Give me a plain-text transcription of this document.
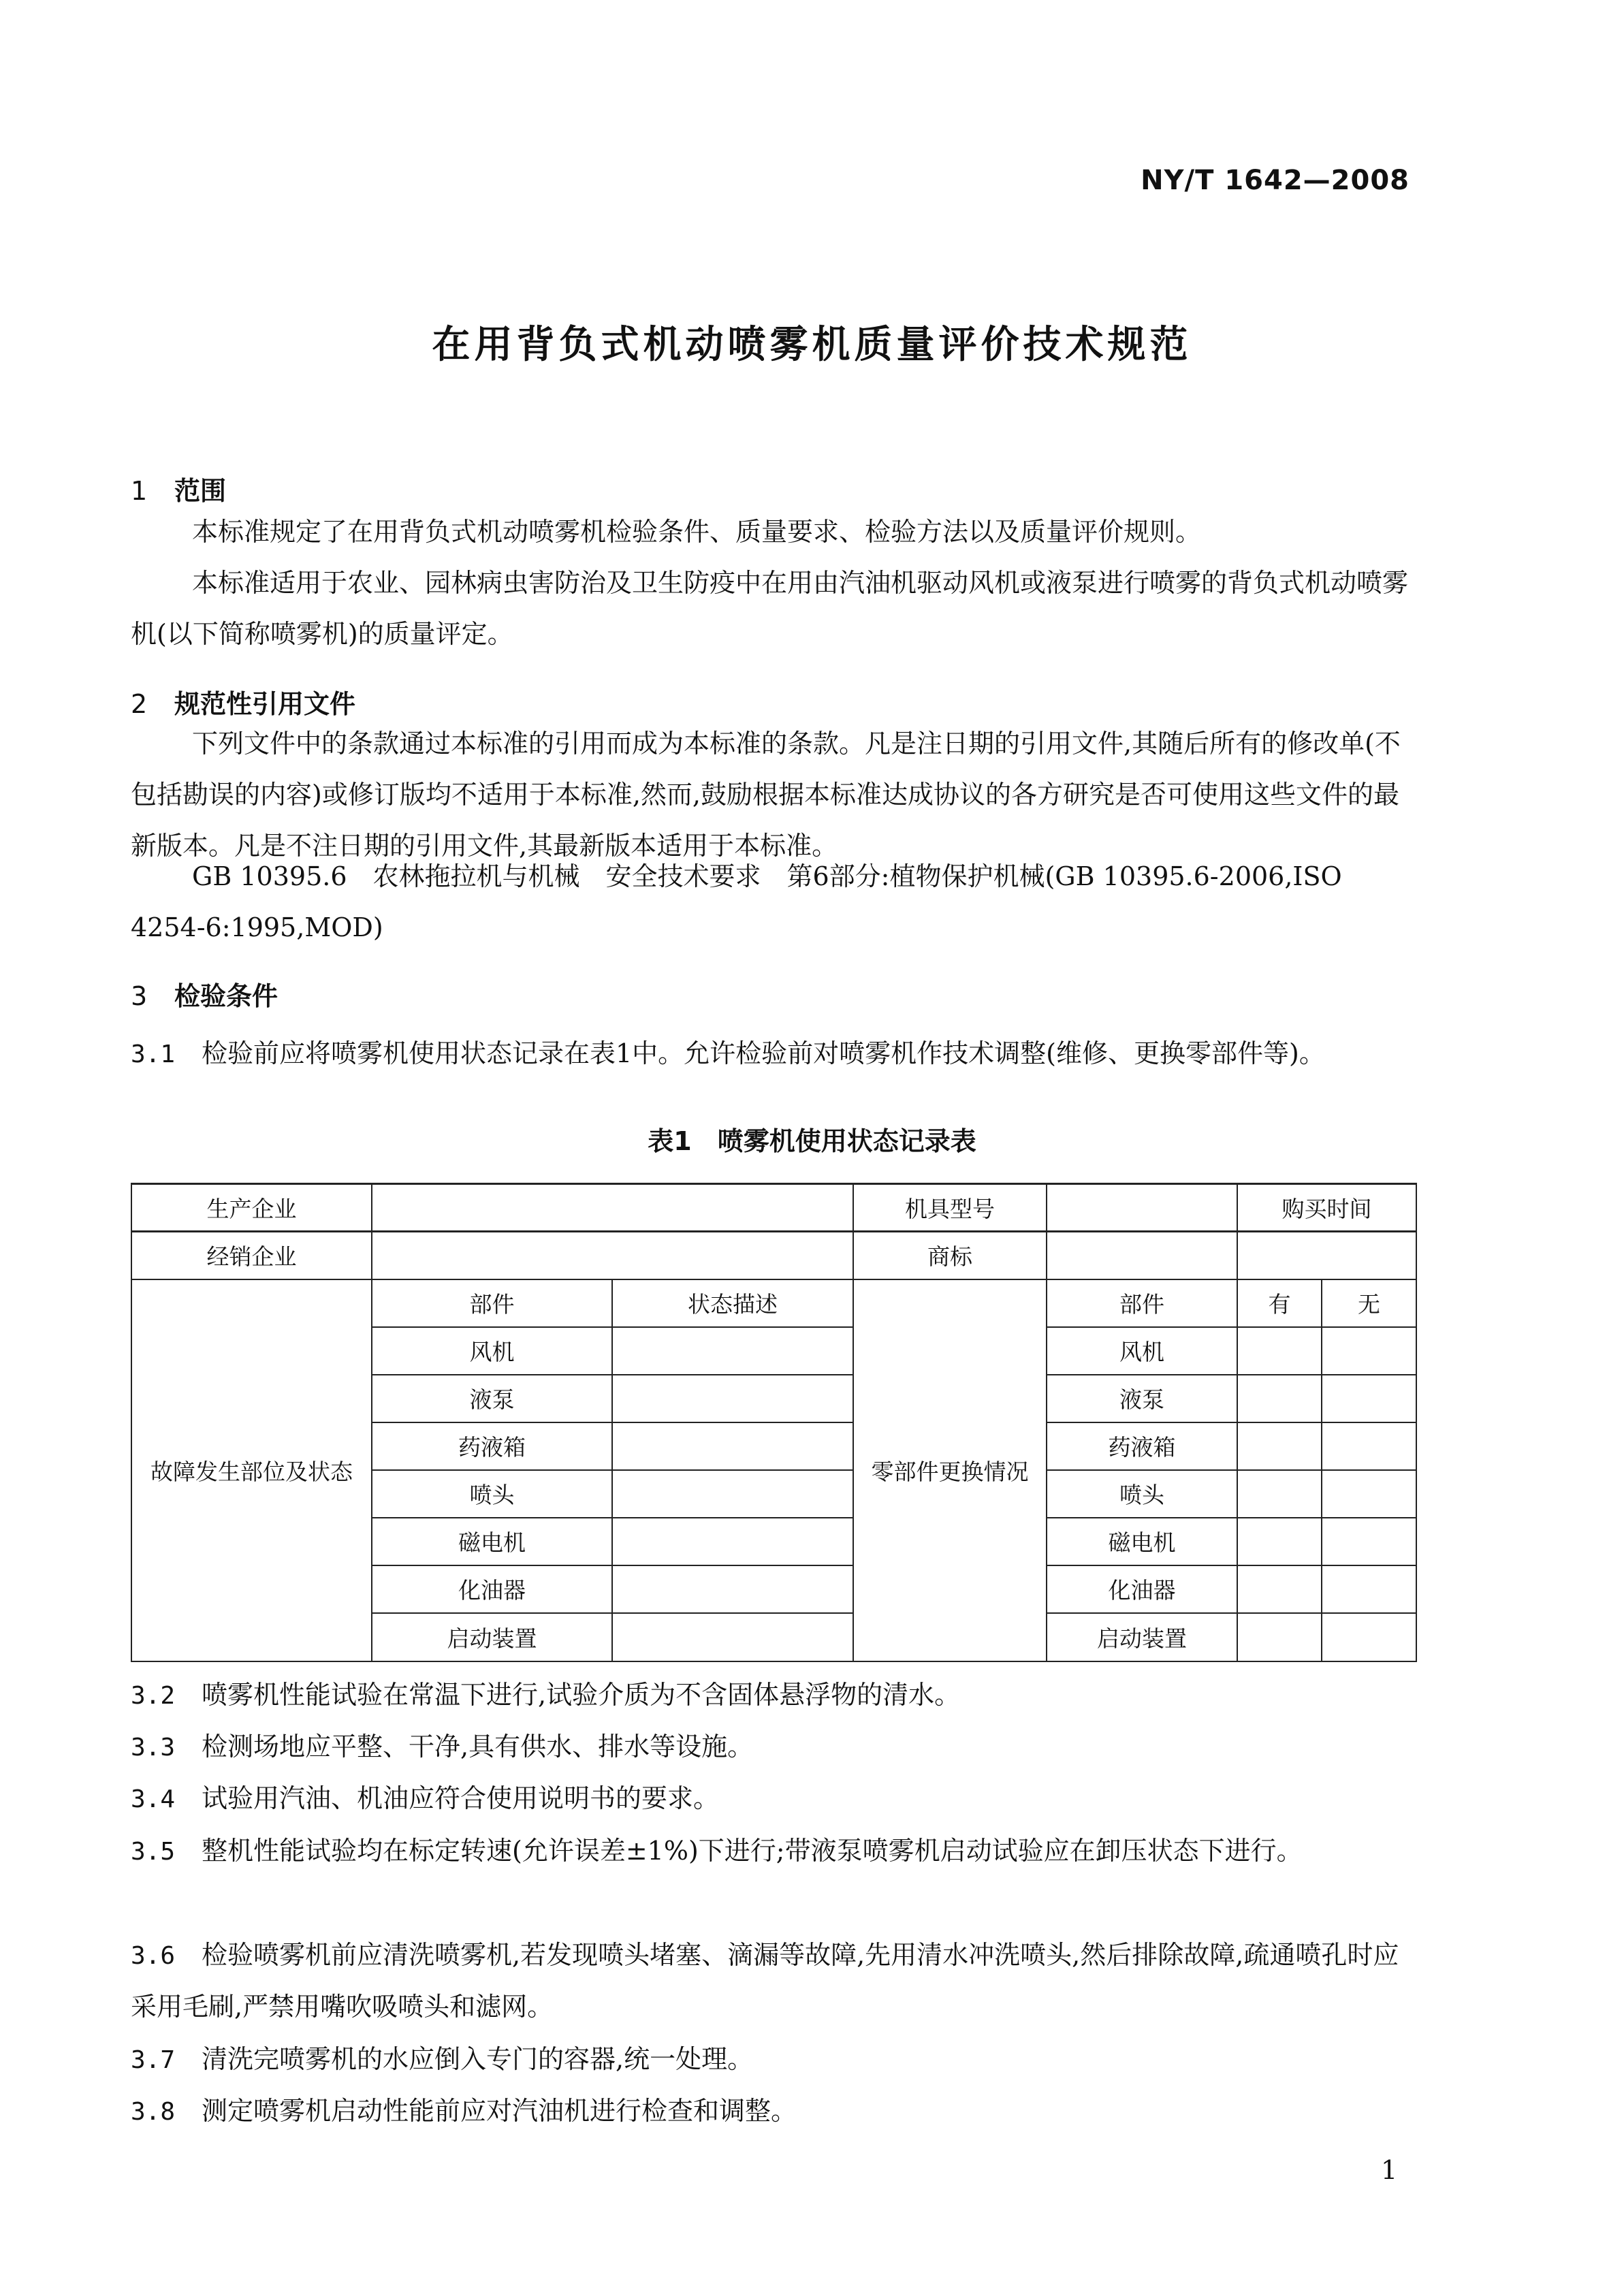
NY/T 1642—2008
在用背负式机动喷雾机质量评价技术规范
1 范围
本标准规定了在用背负式机动喷雾机检验条件、质量要求、检验方法以及质量评价规则。
本标准适用于农业、园林病虫害防治及卫生防疫中在用由汽油机驱动风机或液泵进行喷雾的背负式机动喷雾机(以下简称喷雾机)的质量评定。
2 规范性引用文件
下列文件中的条款通过本标准的引用而成为本标准的条款。凡是注日期的引用文件,其随后所有的修改单(不包括勘误的内容)或修订版均不适用于本标准,然而,鼓励根据本标准达成协议的各方研究是否可使用这些文件的最新版本。凡是不注日期的引用文件,其最新版本适用于本标准。
GB 10395.6　农林拖拉机与机械　安全技术要求　第6部分:植物保护机械(GB 10395.6-2006,ISO 4254-6:1995,MOD)
3 检验条件
3.1 检验前应将喷雾机使用状态记录在表1中。允许检验前对喷雾机作技术调整(维修、更换零部件等)。
表1　喷雾机使用状态记录表
生产企业			机具型号		购买时间	
经销企业			商标			
故障发生部位及状态	部件	状态描述	零部件更换情况	部件	有	无
	风机			风机		
	液泵			液泵		
	药液箱			药液箱		
	喷头			喷头		
	磁电机			磁电机		
	化油器			化油器		
	启动装置			启动装置		
3.2 喷雾机性能试验在常温下进行,试验介质为不含固体悬浮物的清水。
3.3 检测场地应平整、干净,具有供水、排水等设施。
3.4 试验用汽油、机油应符合使用说明书的要求。
3.5 整机性能试验均在标定转速(允许误差±1%)下进行;带液泵喷雾机启动试验应在卸压状态下进行。
3.6 检验喷雾机前应清洗喷雾机,若发现喷头堵塞、滴漏等故障,先用清水冲洗喷头,然后排除故障,疏通喷孔时应采用毛刷,严禁用嘴吹吸喷头和滤网。
3.7 清洗完喷雾机的水应倒入专门的容器,统一处理。
3.8 测定喷雾机启动性能前应对汽油机进行检查和调整。
1
